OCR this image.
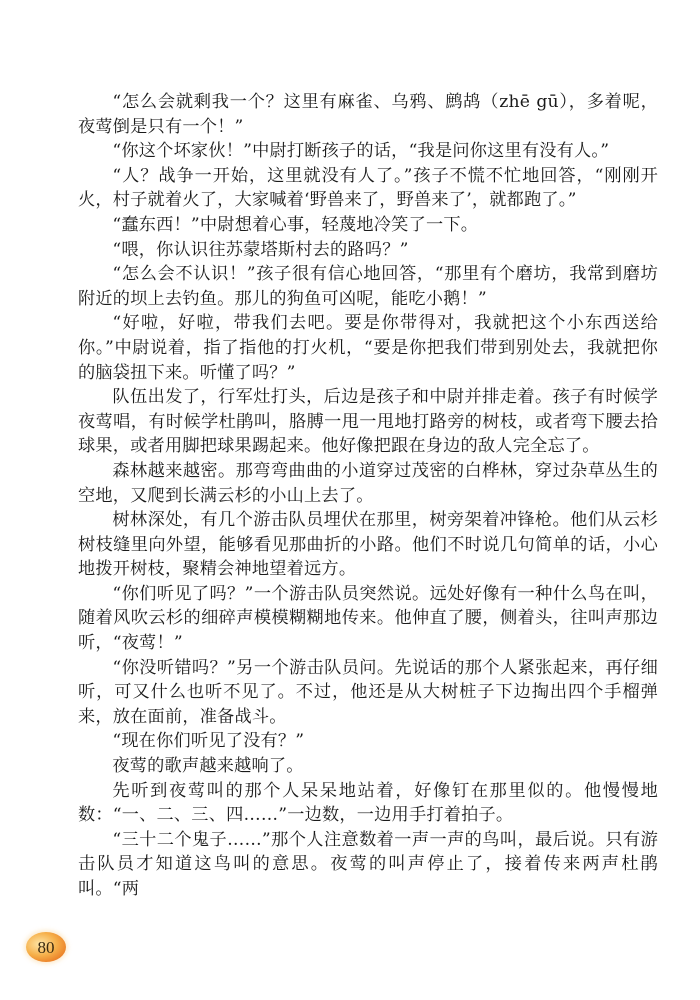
“怎么会就剩我一个？这里有麻雀、乌鸦、鹧鸪（zhē gū），多着呢，夜莺倒是只有一个！”

“你这个坏家伙！”中尉打断孩子的话，“我是问你这里有没有人。”

“人？战争一开始，这里就没有人了。”孩子不慌不忙地回答，“刚刚开火，村子就着火了，大家喊着‘野兽来了，野兽来了’，就都跑了。”

“蠢东西！”中尉想着心事，轻蔑地冷笑了一下。

“喂，你认识往苏蒙塔斯村去的路吗？”

“怎么会不认识！”孩子很有信心地回答，“那里有个磨坊，我常到磨坊附近的坝上去钓鱼。那儿的狗鱼可凶呢，能吃小鹅！”

“好啦，好啦，带我们去吧。要是你带得对，我就把这个小东西送给你。”中尉说着，指了指他的打火机，“要是你把我们带到别处去，我就把你的脑袋扭下来。听懂了吗？”

队伍出发了，行军灶打头，后边是孩子和中尉并排走着。孩子有时候学夜莺唱，有时候学杜鹃叫，胳膊一甩一甩地打路旁的树枝，或者弯下腰去拾球果，或者用脚把球果踢起来。他好像把跟在身边的敌人完全忘了。

森林越来越密。那弯弯曲曲的小道穿过茂密的白桦林，穿过杂草丛生的空地，又爬到长满云杉的小山上去了。

树林深处，有几个游击队员埋伏在那里，树旁架着冲锋枪。他们从云杉树枝缝里向外望，能够看见那曲折的小路。他们不时说几句简单的话，小心地拨开树枝，聚精会神地望着远方。

“你们听见了吗？”一个游击队员突然说。远处好像有一种什么鸟在叫，随着风吹云杉的细碎声模模糊糊地传来。他伸直了腰，侧着头，往叫声那边听，“夜莺！”

“你没听错吗？”另一个游击队员问。先说话的那个人紧张起来，再仔细听，可又什么也听不见了。不过，他还是从大树桩子下边掏出四个手榴弹来，放在面前，准备战斗。

“现在你们听见了没有？”

夜莺的歌声越来越响了。

先听到夜莺叫的那个人呆呆地站着，好像钉在那里似的。他慢慢地数：“一、二、三、四……”一边数，一边用手打着拍子。

“三十二个鬼子……”那个人注意数着一声一声的鸟叫，最后说。只有游击队员才知道这鸟叫的意思。夜莺的叫声停止了，接着传来两声杜鹃叫。“两

80
